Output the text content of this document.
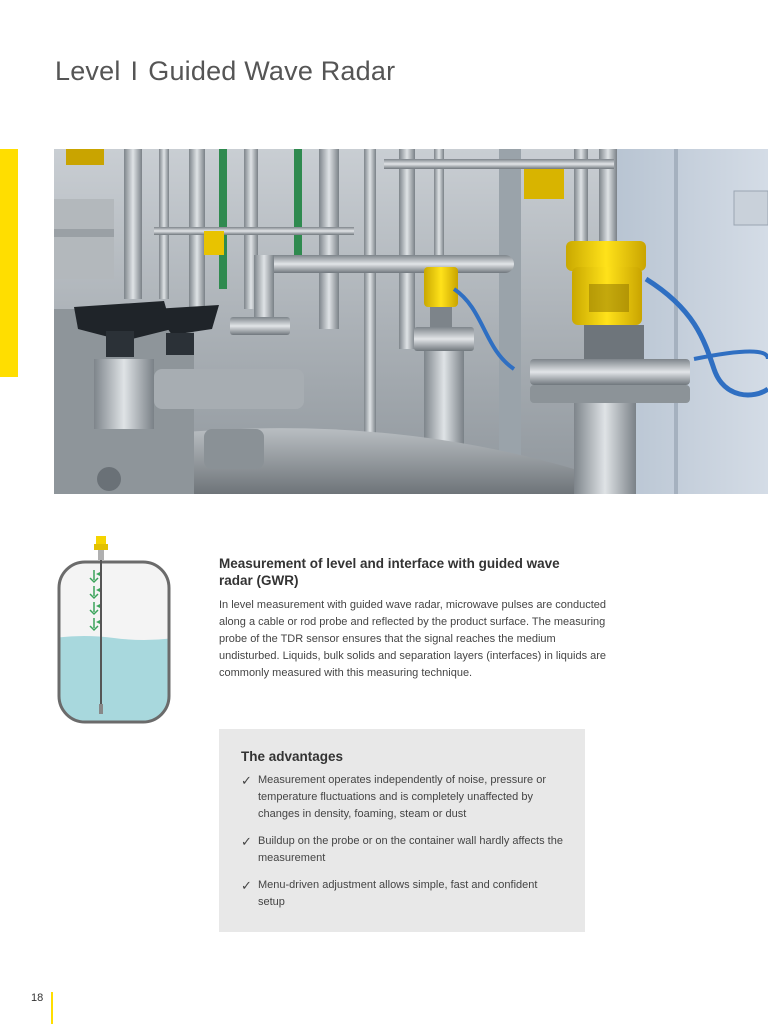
Level I Guided Wave Radar
Measurement of level and interface with guided wave radar (GWR)

In level measurement with guided wave radar, microwave pulses are conducted along a cable or rod probe and reflected by the product surface. The measuring probe of the TDR sensor ensures that the signal reaches the medium undisturbed. Liquids, bulk solids and separation layers (interfaces) in liquids are commonly measured with this measuring technique.

The advantages
✓ Measurement operates independently of noise, pressure or temperature fluctuations and is completely unaffected by changes in density, foaming, steam or dust
✓ Buildup on the probe or on the container wall hardly affects the measurement
✓ Menu-driven adjustment allows simple, fast and confident setup
18
